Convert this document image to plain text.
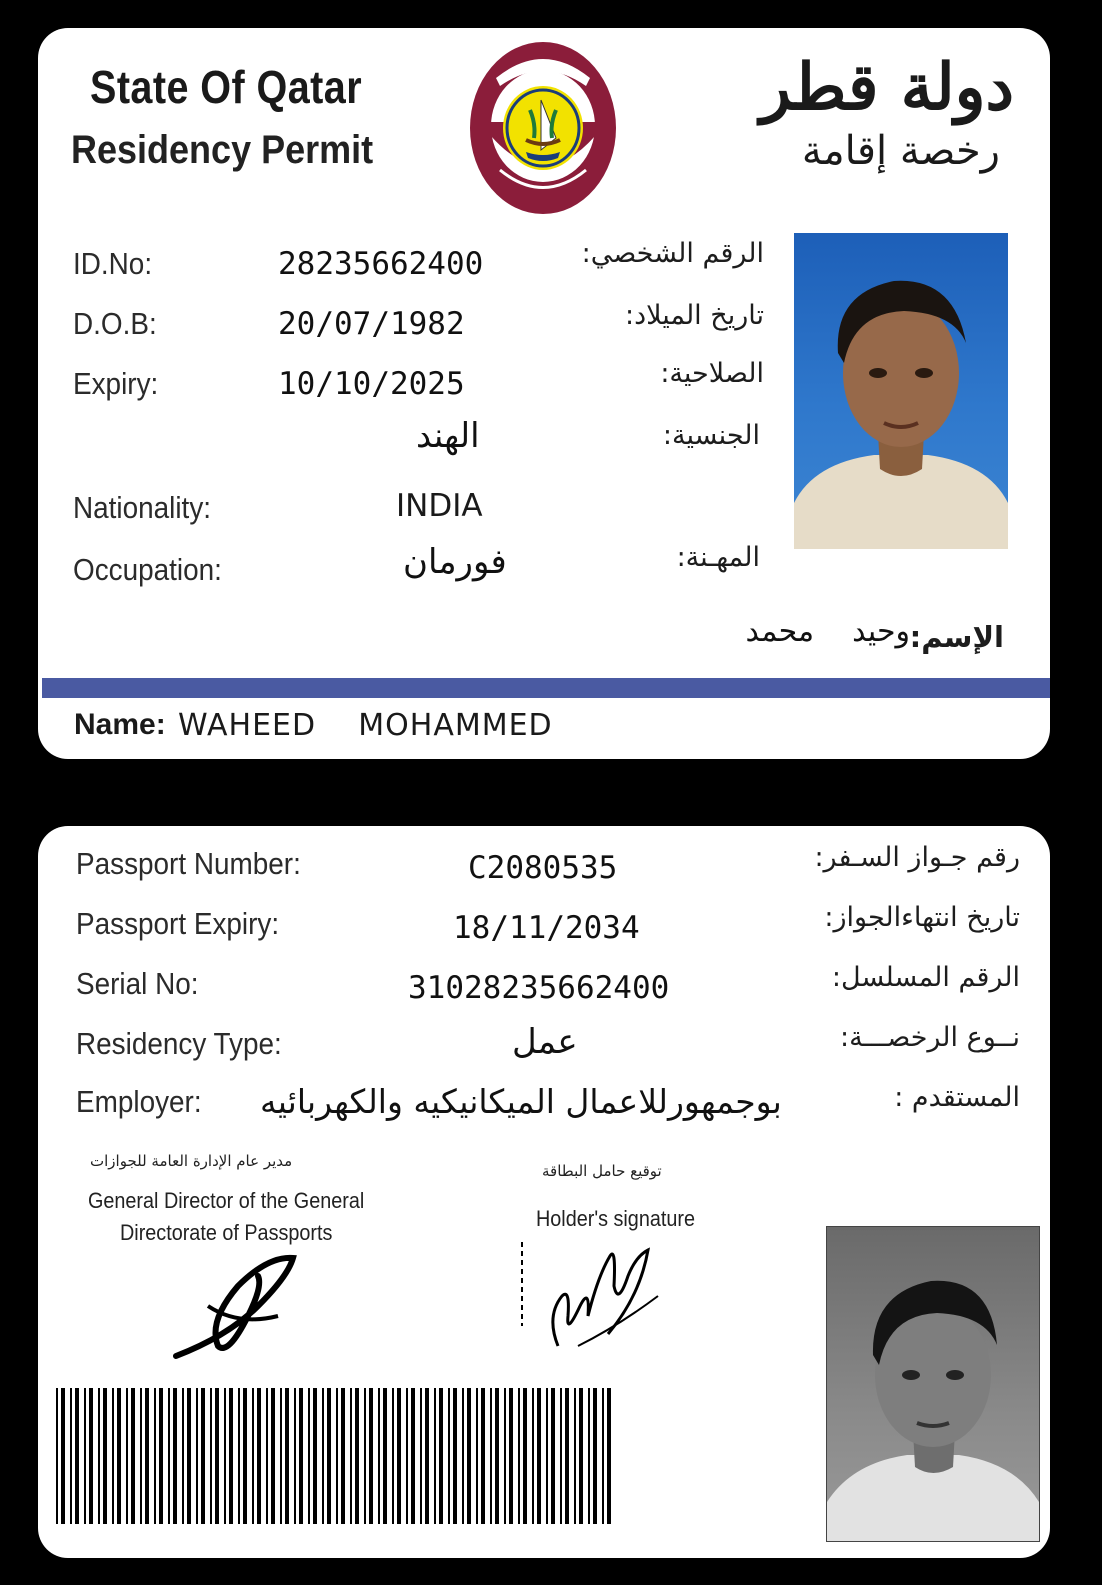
State Of Qatar
Residency Permit
دولة قطر State of Qatar
دولة قطر
رخصة إقامة
ID.No:	28235662400	الرقم الشخصي:
D.O.B:	20/07/1982	تاريخ الميلاد:
Expiry:	10/10/2025	الصلاحية:
الهند	الجنسية:
Nationality:	INDIA
Occupation:	فورمان	المهـنة:
الإسم:
وحيد    محمد
Name: WAHEED    MOHAMMED
Passport Number:	C2080535	رقم جـواز السـفر:
Passport Expiry:	18/11/2034	تاريخ انتهاءالجواز:
Serial No:	31028235662400	الرقم المسلسل:
Residency Type:	عمل	نــوع الرخصـــة:
Employer: بوجمهورللاعمال الميكانيكيه والكهربائيه	المستقدم :
مدير عام الإدارة العامة للجوازات
General Director of the General
Directorate of Passports
توقيع حامل البطاقة
Holder's signature
